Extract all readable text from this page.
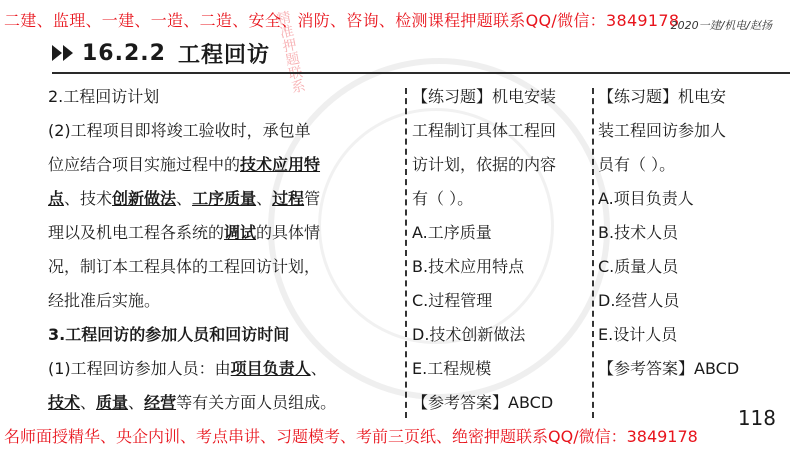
精准押题联系
二建、监理、一建、一造、二造、安全、消防、咨询、检测课程押题联系QQ/微信：3849178
2020一建/机电/赵扬
16.2.2 工程回访
2.工程回访计划
(2)工程项目即将竣工验收时，承包单
位应结合项目实施过程中的技术应用特
点、技术创新做法、工序质量、过程管
理以及机电工程各系统的调试的具体情
况，制订本工程具体的工程回访计划，
经批准后实施。
3.工程回访的参加人员和回访时间
(1)工程回访参加人员：由项目负责人、
技术、质量、经营等有关方面人员组成。
【练习题】机电安装
工程制订具体工程回
访计划，依据的内容
有（ ）。
A.工序质量
B.技术应用特点
C.过程管理
D.技术创新做法
E.工程规模
【参考答案】ABCD
【练习题】机电安
装工程回访参加人
员有（ ）。
A.项目负责人
B.技术人员
C.质量人员
D.经营人员
E.设计人员
【参考答案】ABCD
118
名师面授精华、央企内训、考点串讲、习题模考、考前三页纸、绝密押题联系QQ/微信：3849178
